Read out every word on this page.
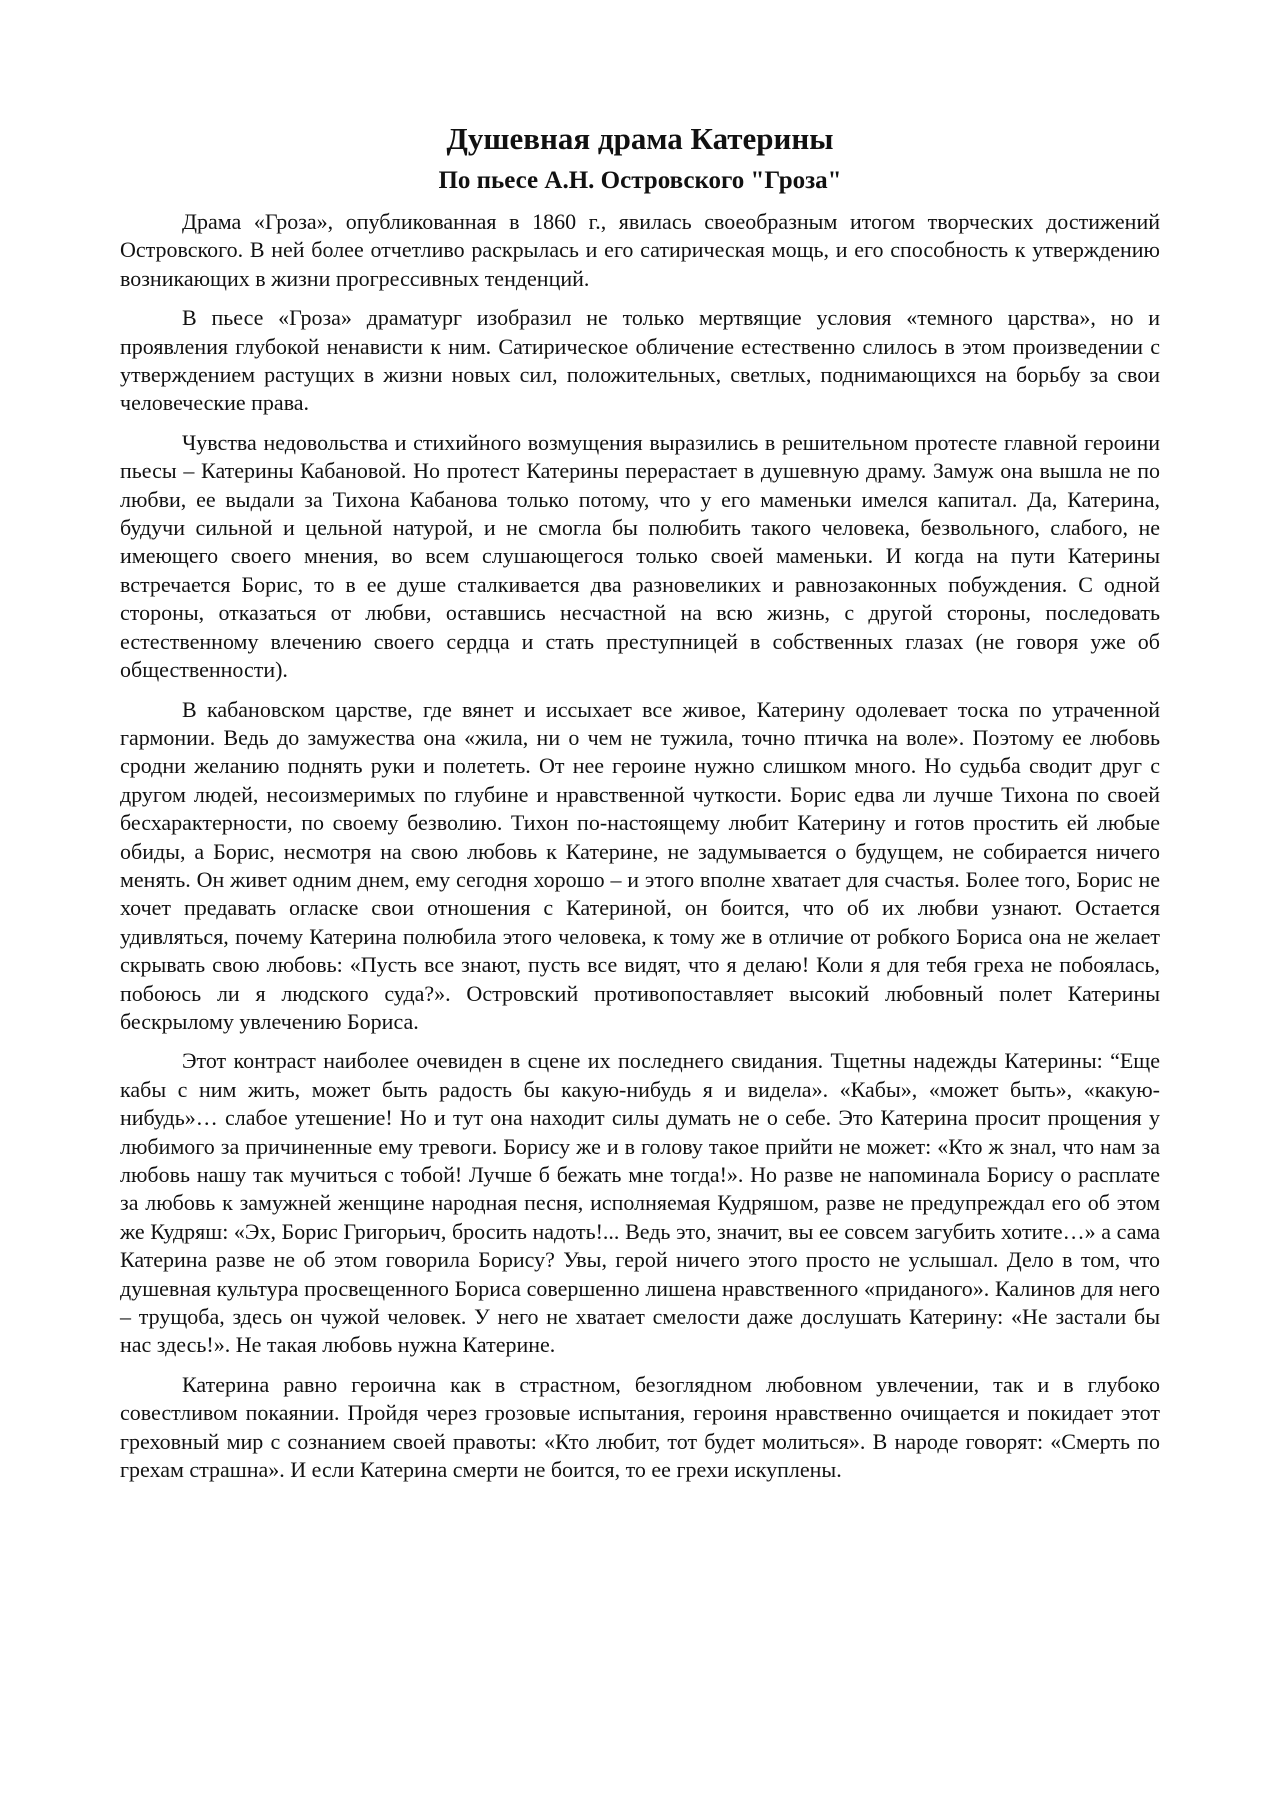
Душевная драма Катерины
По пьесе А.Н. Островского "Гроза"

Драма «Гроза», опубликованная в 1860 г., явилась своеобразным итогом творческих достижений Островского. В ней более отчетливо раскрылась и его сатирическая мощь, и его способность к утверждению возникающих в жизни прогрессивных тенденций.

В пьесе «Гроза» драматург изобразил не только мертвящие условия «темного царства», но и проявления глубокой ненависти к ним. Сатирическое обличение естественно слилось в этом произведении с утверждением растущих в жизни новых сил, положительных, светлых, поднимающихся на борьбу за свои человеческие права.

Чувства недовольства и стихийного возмущения выразились в решительном протесте главной героини пьесы – Катерины Кабановой. Но протест Катерины перерастает в душевную драму. Замуж она вышла не по любви, ее выдали за Тихона Кабанова только потому, что у его маменьки имелся капитал. Да, Катерина, будучи сильной и цельной натурой, и не смогла бы полюбить такого человека, безвольного, слабого, не имеющего своего мнения, во всем слушающегося только своей маменьки. И когда на пути Катерины встречается Борис, то в ее душе сталкивается два разновеликих и равнозаконных побуждения. С одной стороны, отказаться от любви, оставшись несчастной на всю жизнь, с другой стороны, последовать естественному влечению своего сердца и стать преступницей в собственных глазах (не говоря уже об общественности).

В кабановском царстве, где вянет и иссыхает все живое, Катерину одолевает тоска по утраченной гармонии. Ведь до замужества она «жила, ни о чем не тужила, точно птичка на воле». Поэтому ее любовь сродни желанию поднять руки и полететь. От нее героине нужно слишком много. Но судьба сводит друг с другом людей, несоизмеримых по глубине и нравственной чуткости. Борис едва ли лучше Тихона по своей бесхарактерности, по своему безволию. Тихон по-настоящему любит Катерину и готов простить ей любые обиды, а Борис, несмотря на свою любовь к Катерине, не задумывается о будущем, не собирается ничего менять. Он живет одним днем, ему сегодня хорошо – и этого вполне хватает для счастья. Более того, Борис не хочет предавать огласке свои отношения с Катериной, он боится, что об их любви узнают. Остается удивляться, почему Катерина полюбила этого человека, к тому же в отличие от робкого Бориса она не желает скрывать свою любовь: «Пусть все знают, пусть все видят, что я делаю! Коли я для тебя греха не побоялась, побоюсь ли я людского суда?». Островский противопоставляет высокий любовный полет Катерины бескрылому увлечению Бориса.

Этот контраст наиболее очевиден в сцене их последнего свидания. Тщетны надежды Катерины: “Еще кабы с ним жить, может быть радость бы какую-нибудь я и видела». «Кабы», «может быть», «какую-нибудь»… слабое утешение! Но и тут она находит силы думать не о себе. Это Катерина просит прощения у любимого за причиненные ему тревоги. Борису же и в голову такое прийти не может: «Кто ж знал, что нам за любовь нашу так мучиться с тобой! Лучше б бежать мне тогда!». Но разве не напоминала Борису о расплате за любовь к замужней женщине народная песня, исполняемая Кудряшом, разве не предупреждал его об этом же Кудряш: «Эх, Борис Григорьич, бросить надоть!... Ведь это, значит, вы ее совсем загубить хотите…» а сама Катерина разве не об этом говорила Борису? Увы, герой ничего этого просто не услышал. Дело в том, что душевная культура просвещенного Бориса совершенно лишена нравственного «приданого». Калинов для него – трущоба, здесь он чужой человек. У него не хватает смелости даже дослушать Катерину: «Не застали бы нас здесь!». Не такая любовь нужна Катерине.

Катерина равно героична как в страстном, безоглядном любовном увлечении, так и в глубоко совестливом покаянии. Пройдя через грозовые испытания, героиня нравственно очищается и покидает этот греховный мир с сознанием своей правоты: «Кто любит, тот будет молиться». В народе говорят: «Смерть по грехам страшна». И если Катерина смерти не боится, то ее грехи искуплены.
